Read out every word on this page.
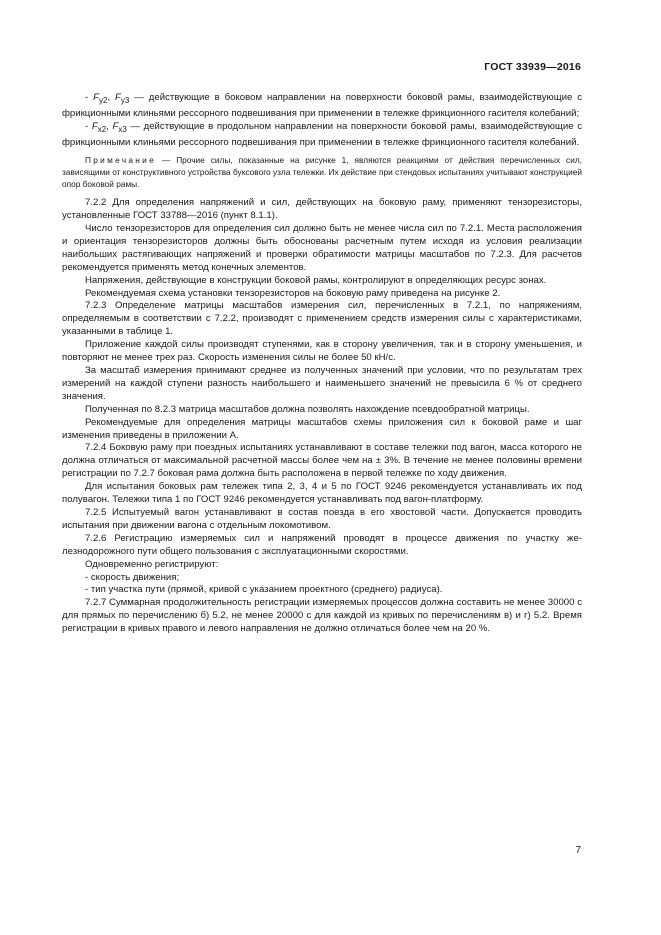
ГОСТ 33939—2016

- $F_{y2}$, $F_{y3}$ — действующие в боковом направлении на поверхности боковой рамы, взаимодействующие с фрикционными клиньями рессорного подвешивания при применении в тележке фрикционного гасителя колебаний;

- $F_{x2}$, $F_{x3}$ — действующие в продольном направлении на поверхности боковой рамы, взаимодействующие с фрикционными клиньями рессорного подвешивания при применении в тележке фрикционного гасителя колебаний.

Примечание — Прочие силы, показанные на рисунке 1, являются реакциями от действия перечисленных сил, зависящими от конструктивного устройства буксового узла тележки. Их действие при стендовых испытаниях учитывают конструкцией опор боковой рамы.

7.2.2 Для определения напряжений и сил, действующих на боковую раму, применяют тензорезисторы, установленные ГОСТ 33788—2016 (пункт 8.1.1).

Число тензорезисторов для определения сил должно быть не менее числа сил по 7.2.1. Места расположения и ориентация тензорезисторов должны быть обоснованы расчетным путем исходя из условия реализации наибольших растягивающих напряжений и проверки обратимости матрицы масштабов по 7.2.3. Для расчетов рекомендуется применять метод конечных элементов.

Напряжения, действующие в конструкции боковой рамы, контролируют в определяющих ресурс зонах.

Рекомендуемая схема установки тензорезисторов на боковую раму приведена на рисунке 2.

7.2.3 Определение матрицы масштабов измерения сил, перечисленных в 7.2.1, по напряжениям, определяемым в соответствии с 7.2.2, производят с применением средств измерения силы с характеристиками, указанными в таблице 1.

Приложение каждой силы производят ступенями, как в сторону увеличения, так и в сторону уменьшения, и повторяют не менее трех раз. Скорость изменения силы не более 50 кН/с.

За масштаб измерения принимают среднее из полученных значений при условии, что по результатам трех измерений на каждой ступени разность наибольшего и наименьшего значений не превысила 6 % от среднего значения.

Полученная по 8.2.3 матрица масштабов должна позволять нахождение псевдообратной матрицы.

Рекомендуемые для определения матрицы масштабов схемы приложения сил к боковой раме и шаг изменения приведены в приложении А.

7.2.4 Боковую раму при поездных испытаниях устанавливают в составе тележки под вагон, масса которого не должна отличаться от максимальной расчетной массы более чем на ± 3%. В течение не менее половины времени регистрации по 7.2.7 боковая рама должна быть расположена в первой тележке по ходу движения.

Для испытания боковых рам тележек типа 2, 3, 4 и 5 по ГОСТ 9246 рекомендуется устанавливать их под полувагон. Тележки типа 1 по ГОСТ 9246 рекомендуется устанавливать под вагон-платформу.

7.2.5 Испытуемый вагон устанавливают в состав поезда в его хвостовой части. Допускается проводить испытания при движении вагона с отдельным локомотивом.

7.2.6 Регистрацию измеряемых сил и напряжений проводят в процессе движения по участку железнодорожного пути общего пользования с эксплуатационными скоростями.

Одновременно регистрируют:

- скорость движения;

- тип участка пути (прямой, кривой с указанием проектного (среднего) радиуса).

7.2.7 Суммарная продолжительность регистрации измеряемых процессов должна составить не менее 30000 с для прямых по перечислению б) 5.2, не менее 20000 с для каждой из кривых по перечислениям в) и г) 5.2. Время регистрации в кривых правого и левого направления не должно отличаться более чем на 20 %.

7
